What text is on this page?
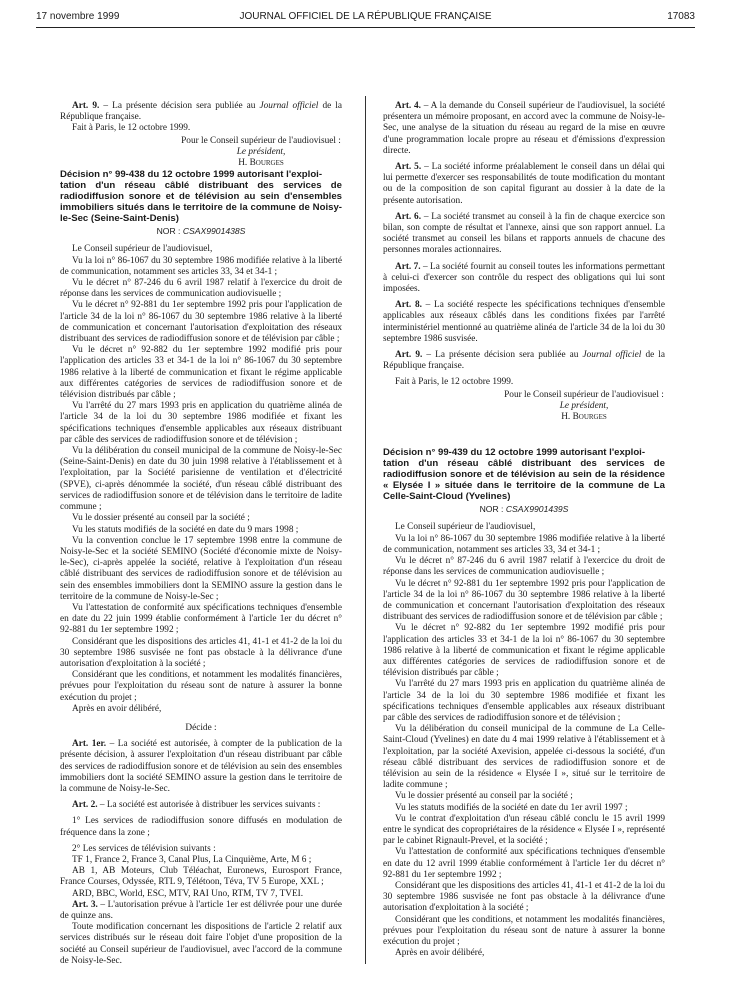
17 novembre 1999	JOURNAL OFFICIEL DE LA RÉPUBLIQUE FRANÇAISE	17083

Art. 9. – La présente décision sera publiée au Journal officiel de la République française.

Fait à Paris, le 12 octobre 1999.

Pour le Conseil supérieur de l'audiovisuel :
Le président,
H. Bourges

Décision n° 99-438 du 12 octobre 1999 autorisant l'exploi-
tation d'un réseau câblé distribuant des services de radiodiffusion sonore et de télévision au sein d'ensembles immobiliers situés dans le territoire de la commune de Noisy-le-Sec (Seine-Saint-Denis)

NOR : CSAX9901438S

Le Conseil supérieur de l'audiovisuel,

Vu la loi n° 86-1067 du 30 septembre 1986 modifiée relative à la liberté de communication, notamment ses articles 33, 34 et 34-1 ;

Vu le décret n° 87-246 du 6 avril 1987 relatif à l'exercice du droit de réponse dans les services de communication audiovisuelle ;

Vu le décret n° 92-881 du 1er septembre 1992 pris pour l'application de l'article 34 de la loi n° 86-1067 du 30 septembre 1986 relative à la liberté de communication et concernant l'autorisation d'exploitation des réseaux distribuant des services de radiodiffusion sonore et de télévision par câble ;

Vu le décret n° 92-882 du 1er septembre 1992 modifié pris pour l'application des articles 33 et 34-1 de la loi n° 86-1067 du 30 septembre 1986 relative à la liberté de communication et fixant le régime applicable aux différentes catégories de services de radiodiffusion sonore et de télévision distribués par câble ;

Vu l'arrêté du 27 mars 1993 pris en application du quatrième alinéa de l'article 34 de la loi du 30 septembre 1986 modifiée et fixant les spécifications techniques d'ensemble applicables aux réseaux distribuant par câble des services de radiodiffusion sonore et de télévision ;

Vu la délibération du conseil municipal de la commune de Noisy-le-Sec (Seine-Saint-Denis) en date du 30 juin 1998 relative à l'établissement et à l'exploitation, par la Société parisienne de ventilation et d'électricité (SPVE), ci-après dénommée la société, d'un réseau câblé distribuant des services de radiodiffusion sonore et de télévision dans le territoire de ladite commune ;

Vu le dossier présenté au conseil par la société ;

Vu les statuts modifiés de la société en date du 9 mars 1998 ;

Vu la convention conclue le 17 septembre 1998 entre la commune de Noisy-le-Sec et la société SEMINO (Société d'économie mixte de Noisy-le-Sec), ci-après appelée la société, relative à l'exploitation d'un réseau câblé distribuant des services de radiodiffusion sonore et de télévision au sein des ensembles immobiliers dont la SEMINO assure la gestion dans le territoire de la commune de Noisy-le-Sec ;

Vu l'attestation de conformité aux spécifications techniques d'ensemble en date du 22 juin 1999 établie conformément à l'article 1er du décret n° 92-881 du 1er septembre 1992 ;

Considérant que les dispositions des articles 41, 41-1 et 41-2 de la loi du 30 septembre 1986 susvisée ne font pas obstacle à la délivrance d'une autorisation d'exploitation à la société ;

Considérant que les conditions, et notamment les modalités financières, prévues pour l'exploitation du réseau sont de nature à assurer la bonne exécution du projet ;

Après en avoir délibéré,

Décide :

Art. 1er. – La société est autorisée, à compter de la publication de la présente décision, à assurer l'exploitation d'un réseau distribuant par câble des services de radiodiffusion sonore et de télévision au sein des ensembles immobiliers dont la société SEMINO assure la gestion dans le territoire de la commune de Noisy-le-Sec.

Art. 2. – La société est autorisée à distribuer les services suivants :

1° Les services de radiodiffusion sonore diffusés en modulation de fréquence dans la zone ;

2° Les services de télévision suivants :

TF 1, France 2, France 3, Canal Plus, La Cinquième, Arte, M 6 ;

AB 1, AB Moteurs, Club Téléachat, Euronews, Eurosport France, France Courses, Odyssée, RTL 9, Télétoon, Téva, TV 5 Europe, XXL ;

ARD, BBC, World, ESC, MTV, RAI Uno, RTM, TV 7, TVEI.

Art. 3. – L'autorisation prévue à l'article 1er est délivrée pour une durée de quinze ans.

Toute modification concernant les dispositions de l'article 2 relatif aux services distribués sur le réseau doit faire l'objet d'une proposition de la société au Conseil supérieur de l'audiovisuel, avec l'accord de la commune de Noisy-le-Sec.

Art. 4. – A la demande du Conseil supérieur de l'audiovisuel, la société présentera un mémoire proposant, en accord avec la commune de Noisy-le-Sec, une analyse de la situation du réseau au regard de la mise en œuvre d'une programmation locale propre au réseau et d'émissions d'expression directe.

Art. 5. – La société informe préalablement le conseil dans un délai qui lui permette d'exercer ses responsabilités de toute modification du montant ou de la composition de son capital figurant au dossier à la date de la présente autorisation.

Art. 6. – La société transmet au conseil à la fin de chaque exercice son bilan, son compte de résultat et l'annexe, ainsi que son rapport annuel. La société transmet au conseil les bilans et rapports annuels de chacune des personnes morales actionnaires.

Art. 7. – La société fournit au conseil toutes les informations permettant à celui-ci d'exercer son contrôle du respect des obligations qui lui sont imposées.

Art. 8. – La société respecte les spécifications techniques d'ensemble applicables aux réseaux câblés dans les conditions fixées par l'arrêté interministériel mentionné au quatrième alinéa de l'article 34 de la loi du 30 septembre 1986 susvisée.

Art. 9. – La présente décision sera publiée au Journal officiel de la République française.

Fait à Paris, le 12 octobre 1999.

Pour le Conseil supérieur de l'audiovisuel :
Le président,
H. Bourges

Décision n° 99-439 du 12 octobre 1999 autorisant l'exploi-
tation d'un réseau câblé distribuant des services de radiodiffusion sonore et de télévision au sein de la résidence « Elysée I » située dans le territoire de la commune de La Celle-Saint-Cloud (Yvelines)

NOR : CSAX9901439S

Le Conseil supérieur de l'audiovisuel,

Vu la loi n° 86-1067 du 30 septembre 1986 modifiée relative à la liberté de communication, notamment ses articles 33, 34 et 34-1 ;

Vu le décret n° 87-246 du 6 avril 1987 relatif à l'exercice du droit de réponse dans les services de communication audiovisuelle ;

Vu le décret n° 92-881 du 1er septembre 1992 pris pour l'application de l'article 34 de la loi n° 86-1067 du 30 septembre 1986 relative à la liberté de communication et concernant l'autorisation d'exploitation des réseaux distribuant des services de radiodiffusion sonore et de télévision par câble ;

Vu le décret n° 92-882 du 1er septembre 1992 modifié pris pour l'application des articles 33 et 34-1 de la loi n° 86-1067 du 30 septembre 1986 relative à la liberté de communication et fixant le régime applicable aux différentes catégories de services de radiodiffusion sonore et de télévision distribués par câble ;

Vu l'arrêté du 27 mars 1993 pris en application du quatrième alinéa de l'article 34 de la loi du 30 septembre 1986 modifiée et fixant les spécifications techniques d'ensemble applicables aux réseaux distribuant par câble des services de radiodiffusion sonore et de télévision ;

Vu la délibération du conseil municipal de la commune de La Celle-Saint-Cloud (Yvelines) en date du 4 mai 1999 relative à l'établissement et à l'exploitation, par la société Axevision, appelée ci-dessous la société, d'un réseau câblé distribuant des services de radiodiffusion sonore et de télévision au sein de la résidence « Elysée I », situé sur le territoire de ladite commune ;

Vu le dossier présenté au conseil par la société ;

Vu les statuts modifiés de la société en date du 1er avril 1997 ;

Vu le contrat d'exploitation d'un réseau câblé conclu le 15 avril 1999 entre le syndicat des copropriétaires de la résidence « Elysée I », représenté par le cabinet Rignault-Prevel, et la société ;

Vu l'attestation de conformité aux spécifications techniques d'ensemble en date du 12 avril 1999 établie conformément à l'article 1er du décret n° 92-881 du 1er septembre 1992 ;

Considérant que les dispositions des articles 41, 41-1 et 41-2 de la loi du 30 septembre 1986 susvisée ne font pas obstacle à la délivrance d'une autorisation d'exploitation à la société ;

Considérant que les conditions, et notamment les modalités financières, prévues pour l'exploitation du réseau sont de nature à assurer la bonne exécution du projet ;

Après en avoir délibéré,
